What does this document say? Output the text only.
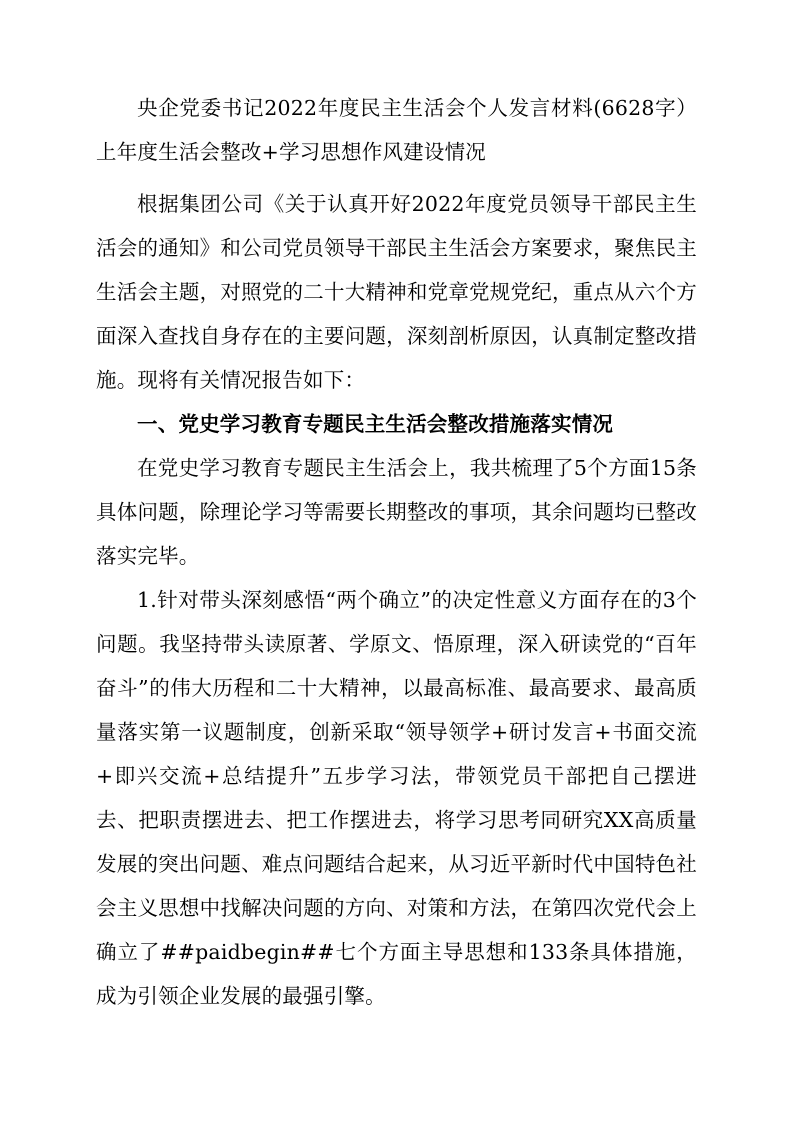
央企党委书记2022年度民主生活会个人发言材料(6628字）上年度生活会整改+学习思想作风建设情况

根据集团公司《关于认真开好2022年度党员领导干部民主生活会的通知》和公司党员领导干部民主生活会方案要求，聚焦民主生活会主题，对照党的二十大精神和党章党规党纪，重点从六个方面深入查找自身存在的主要问题，深刻剖析原因，认真制定整改措施。现将有关情况报告如下：

一、党史学习教育专题民主生活会整改措施落实情况

在党史学习教育专题民主生活会上，我共梳理了5个方面15条具体问题，除理论学习等需要长期整改的事项，其余问题均已整改落实完毕。

1.针对带头深刻感悟“两个确立”的决定性意义方面存在的3个问题。我坚持带头读原著、学原文、悟原理，深入研读党的“百年奋斗”的伟大历程和二十大精神，以最高标准、最高要求、最高质量落实第一议题制度，创新采取“领导领学+研讨发言+书面交流+即兴交流+总结提升”五步学习法，带领党员干部把自己摆进去、把职责摆进去、把工作摆进去，将学习思考同研究XX高质量发展的突出问题、难点问题结合起来，从习近平新时代中国特色社会主义思想中找解决问题的方向、对策和方法，在第四次党代会上确立了##paidbegin##七个方面主导思想和133条具体措施，成为引领企业发展的最强引擎。
